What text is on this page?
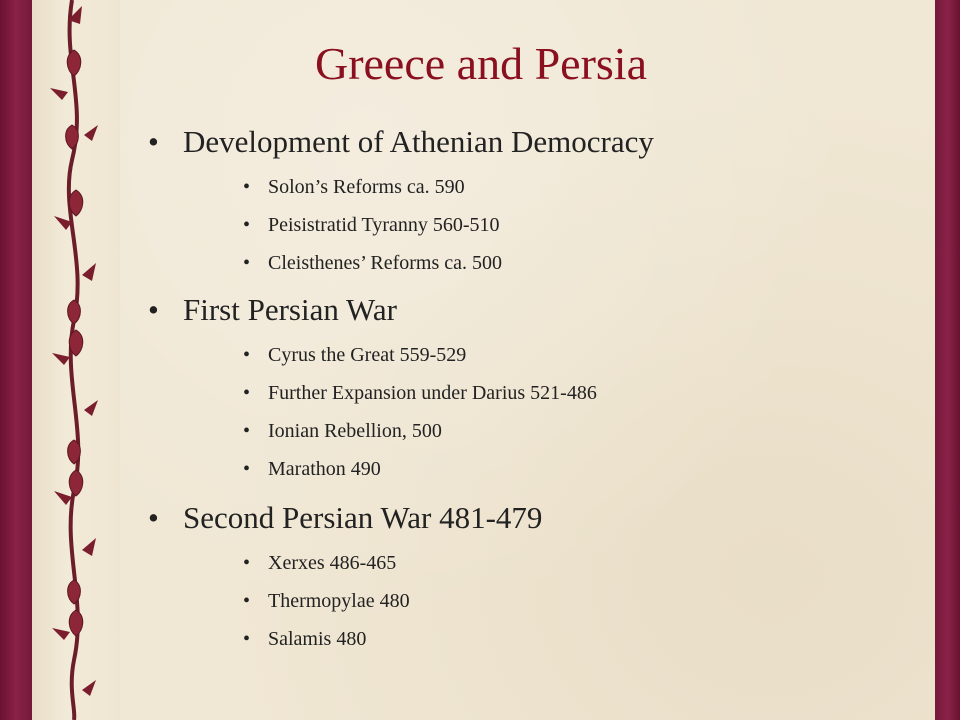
Greece and Persia
• Development of Athenian Democracy
• Solon’s Reforms ca. 590
• Peisistratid Tyranny 560-510
• Cleisthenes’ Reforms ca. 500
• First Persian War
• Cyrus the Great 559-529
• Further Expansion under Darius 521-486
• Ionian Rebellion, 500
• Marathon 490
• Second Persian War 481-479
• Xerxes 486-465
• Thermopylae 480
• Salamis 480
